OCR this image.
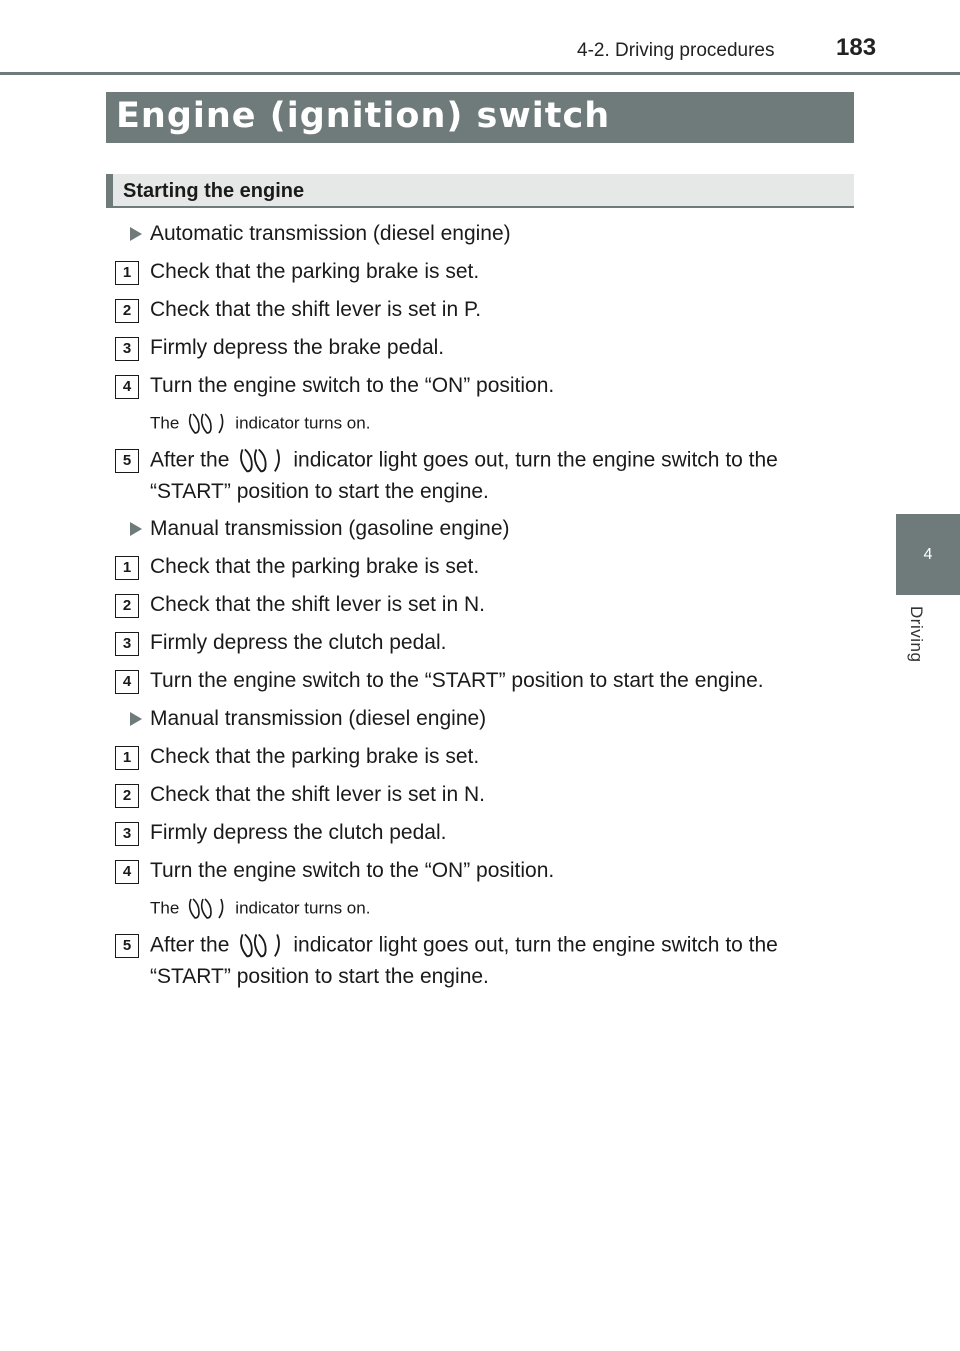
4-2. Driving procedures	183
4
Driving
Engine (ignition) switch
Starting the engine
Automatic transmission (diesel engine)
1 Check that the parking brake is set.
2 Check that the shift lever is set in P.
3 Firmly depress the brake pedal.
4 Turn the engine switch to the “ON” position.
The	indicator turns on.
5 After the	indicator light goes out, turn the engine switch to the
“START” position to start the engine.
Manual transmission (gasoline engine)
1 Check that the parking brake is set.
2 Check that the shift lever is set in N.
3 Firmly depress the clutch pedal.
4 Turn the engine switch to the “START” position to start the engine.
Manual transmission (diesel engine)
1 Check that the parking brake is set.
2 Check that the shift lever is set in N.
3 Firmly depress the clutch pedal.
4 Turn the engine switch to the “ON” position.
The	indicator turns on.
5 After the	indicator light goes out, turn the engine switch to the
“START” position to start the engine.
